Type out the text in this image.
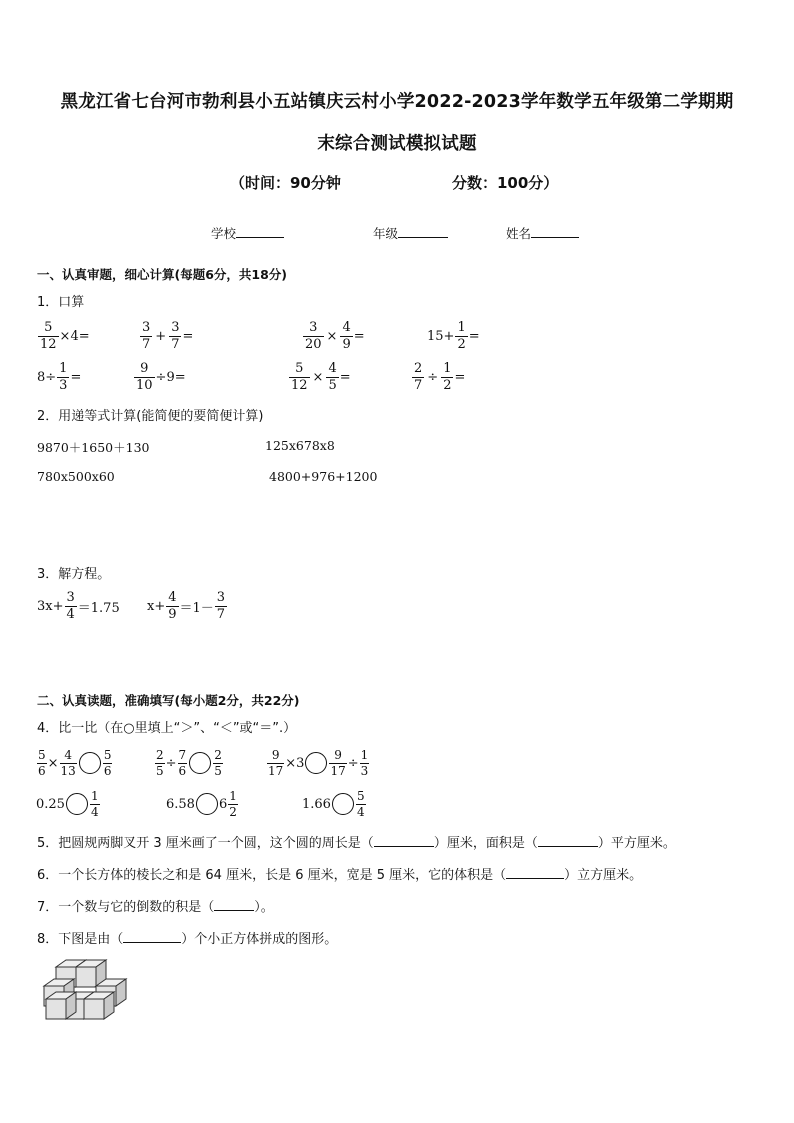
黑龙江省七台河市勃利县小五站镇庆云村小学2022-2023学年数学五年级第二学期期
末综合测试模拟试题
（时间：90分钟	分数：100分）
学校	年级	姓名
一、认真审题，细心计算(每题6分，共18分)
1．口算
$\frac{5}{12} \times 4=$	$\frac{3}{7} + \frac{3}{7}$ =	$\frac{3}{20} \times \frac{4}{9}$ =	$15+ \frac{1}{2}$ =
$8\div \frac{1}{3}$ =	$\frac{9}{10} \div 9=$	$\frac{5}{12} \times \frac{4}{5}$ =	$\frac{2}{7} \div \frac{1}{2}$ =
2．用递等式计算(能简便的要简便计算)
9870＋1650＋130	125x678x8
780x500x60	4800+976+1200
3．解方程。
$3x+ \frac{3}{4} =1.75$ $x+ \frac{4}{9} =1- \frac{3}{7}$
二、认真读题，准确填写(每小题2分，共22分)
4．比一比（在○里填上“＞”、“＜”或“＝”.）
$\frac{5}{6} \times \frac{4}{13} \frac{5}{6}$	$\frac{2}{5} \div \frac{7}{6} \frac{2}{5}$	$\frac{9}{17} \times 3 \frac{9}{17} \div \frac{1}{3}$
$0.25 \frac{1}{4}$	6.58 $6 \frac{1}{2}$	$1.66 \frac{5}{4}$
5．把圆规两脚叉开 3 厘米画了一个圆，这个圆的周长是（	）厘米，面积是（	）平方厘米。
6．一个长方体的棱长之和是 64 厘米，长是 6 厘米，宽是 5 厘米，它的体积是（	）立方厘米。
7．一个数与它的倒数的积是（	）。
8．下图是由（	）个小正方体拼成的图形。
